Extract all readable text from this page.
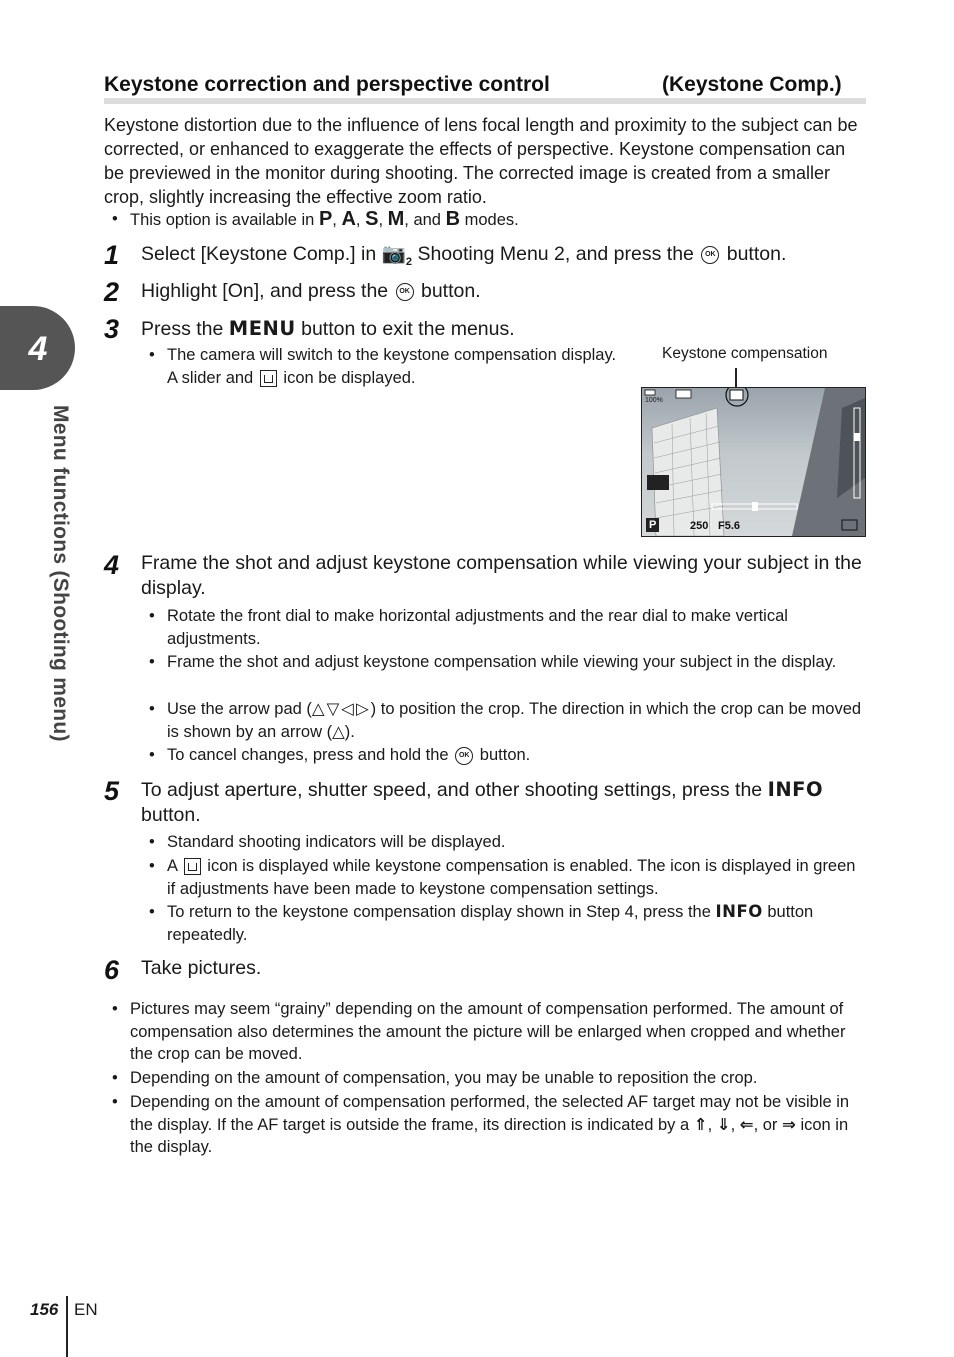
4
Menu functions (Shooting menu)
Keystone correction and perspective control	(Keystone Comp.)
Keystone distortion due to the influence of lens focal length and proximity to the subject can be corrected, or enhanced to exaggerate the effects of perspective. Keystone compensation can be previewed in the monitor during shooting. The corrected image is created from a smaller crop, slightly increasing the effective zoom ratio.
• This option is available in P, A, S, M, and B modes.
1	Select [Keystone Comp.] in $📷_2$ Shooting Menu 2, and press the OK button.
2	Highlight [On], and press the OK button.
3	Press the MENU button to exit the menus.
• The camera will switch to the keystone compensation display. A slider and icon be displayed.
Keystone compensation
100%
P	250 F5.6
4	Frame the shot and adjust keystone compensation while viewing your subject in the display.
• Rotate the front dial to make horizontal adjustments and the rear dial to make vertical adjustments.
• Frame the shot and adjust keystone compensation while viewing your subject in the display.
• Use the arrow pad (△▽◁▷) to position the crop. The direction in which the crop can be moved is shown by an arrow (△).
• To cancel changes, press and hold the OK button.
5	To adjust aperture, shutter speed, and other shooting settings, press the INFO button.
• Standard shooting indicators will be displayed.
• A icon is displayed while keystone compensation is enabled. The icon is displayed in green if adjustments have been made to keystone compensation settings.
• To return to the keystone compensation display shown in Step 4, press the INFO button repeatedly.
6	Take pictures.
• Pictures may seem “grainy” depending on the amount of compensation performed. The amount of compensation also determines the amount the picture will be enlarged when cropped and whether the crop can be moved.
• Depending on the amount of compensation, you may be unable to reposition the crop.
• Depending on the amount of compensation performed, the selected AF target may not be visible in the display. If the AF target is outside the frame, its direction is indicated by a ⇑, ⇓, ⇐, or ⇒ icon in the display.
156 EN
